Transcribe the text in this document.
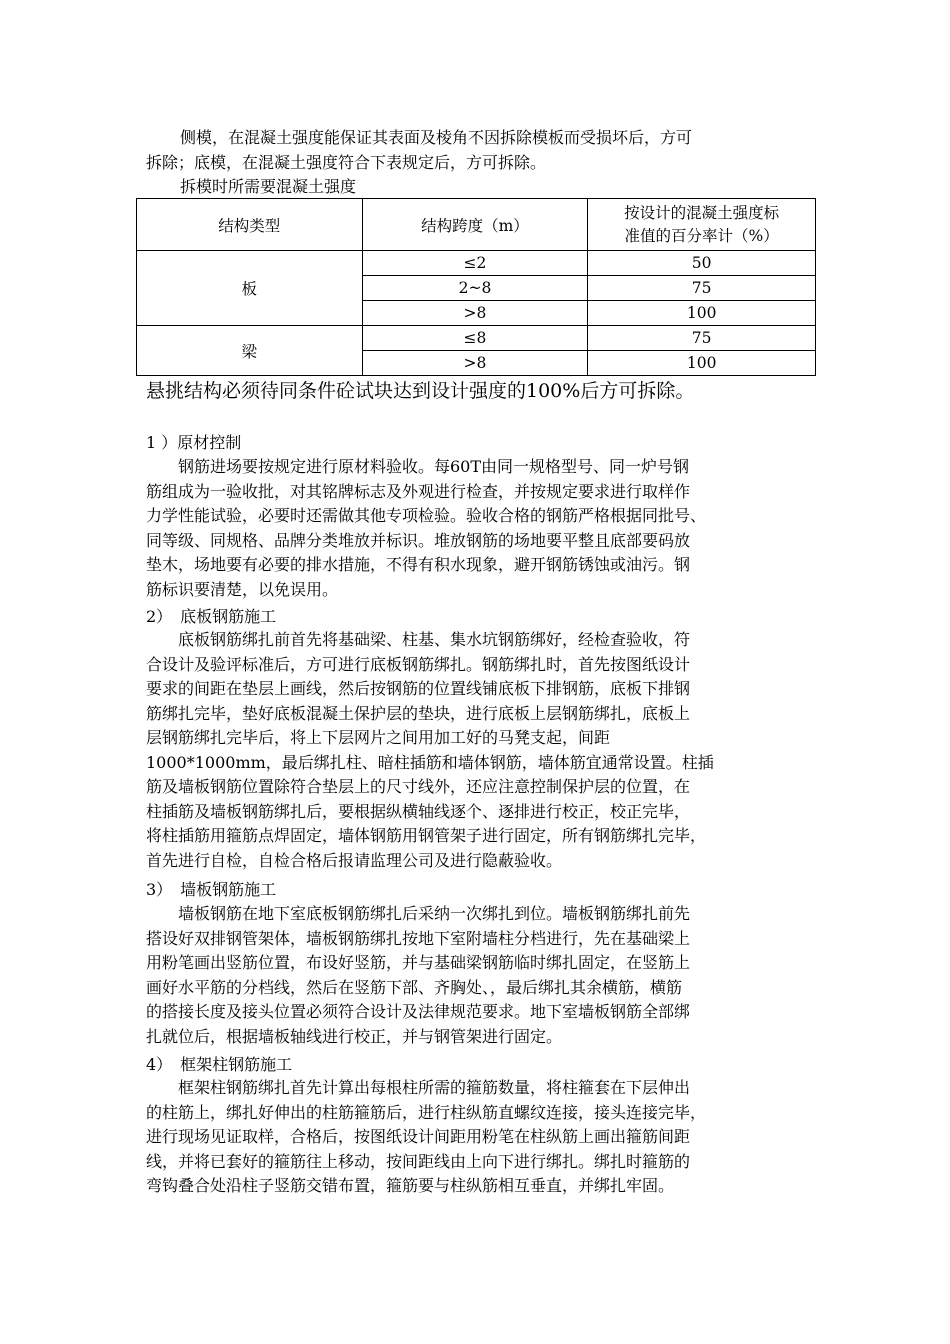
侧模，在混凝土强度能保证其表面及棱角不因拆除模板而受损坏后，方可
拆除；底模，在混凝土强度符合下表规定后，方可拆除。
拆模时所需要混凝土强度

结构类型	结构跨度（m）	按设计的混凝土强度标
准值的百分率计（%）

板	≤2	50
	2~8	75
	>8	100
梁	≤8	75
	>8	100
悬挑结构必须待同条件砼试块达到设计强度的100%后方可拆除。
1 ）原材控制

　　钢筋进场要按规定进行原材料验收。每60T由同一规格型号、同一炉号钢
筋组成为一验收批，对其铭牌标志及外观进行检查，并按规定要求进行取样作
力学性能试验，必要时还需做其他专项检验。验收合格的钢筋严格根据同批号、
同等级、同规格、品牌分类堆放并标识。堆放钢筋的场地要平整且底部要码放
垫木，场地要有必要的排水措施，不得有积水现象，避开钢筋锈蚀或油污。钢
筋标识要清楚，以免误用。

2）　底板钢筋施工

　　底板钢筋绑扎前首先将基础梁、柱基、集水坑钢筋绑好，经检查验收，符
合设计及验评标准后，方可进行底板钢筋绑扎。钢筋绑扎时，首先按图纸设计
要求的间距在垫层上画线，然后按钢筋的位置线铺底板下排钢筋，底板下排钢
筋绑扎完毕，垫好底板混凝土保护层的垫块，进行底板上层钢筋绑扎，底板上
层钢筋绑扎完毕后，将上下层网片之间用加工好的马凳支起，间距
1000*1000mm，最后绑扎柱、暗柱插筋和墙体钢筋，墙体筋宜通常设置。柱插
筋及墙板钢筋位置除符合垫层上的尺寸线外，还应注意控制保护层的位置，在
柱插筋及墙板钢筋绑扎后，要根据纵横轴线逐个、逐排进行校正，校正完毕，
将柱插筋用箍筋点焊固定，墙体钢筋用钢管架子进行固定，所有钢筋绑扎完毕，
首先进行自检，自检合格后报请监理公司及进行隐蔽验收。

3）　墙板钢筋施工

　　墙板钢筋在地下室底板钢筋绑扎后采纳一次绑扎到位。墙板钢筋绑扎前先
搭设好双排钢管架体，墙板钢筋绑扎按地下室附墙柱分档进行，先在基础梁上
用粉笔画出竖筋位置，布设好竖筋，并与基础梁钢筋临时绑扎固定，在竖筋上
画好水平筋的分档线，然后在竖筋下部、齐胸处、，最后绑扎其余横筋，横筋
的搭接长度及接头位置必须符合设计及法律规范要求。地下室墙板钢筋全部绑
扎就位后，根据墙板轴线进行校正，并与钢管架进行固定。

4）　框架柱钢筋施工

　　框架柱钢筋绑扎首先计算出每根柱所需的箍筋数量，将柱箍套在下层伸出
的柱筋上，绑扎好伸出的柱筋箍筋后，进行柱纵筋直螺纹连接，接头连接完毕，
进行现场见证取样，合格后，按图纸设计间距用粉笔在柱纵筋上画出箍筋间距
线，并将已套好的箍筋往上移动，按间距线由上向下进行绑扎。绑扎时箍筋的
弯钩叠合处沿柱子竖筋交错布置，箍筋要与柱纵筋相互垂直，并绑扎牢固。
